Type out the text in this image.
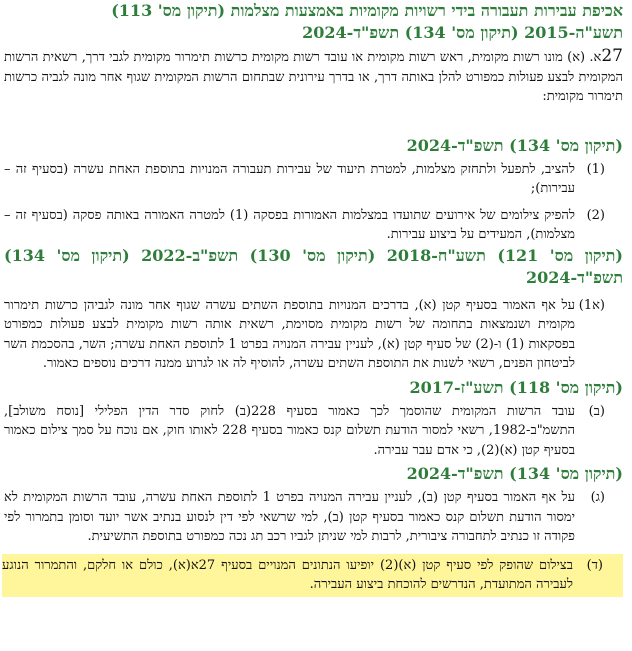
אכיפת עבירות תעבורה בידי רשויות מקומיות באמצעות מצלמות (תיקון מס' 113)

תשע"ה-2015 (תיקון מס' 134) תשפ"ד-2024

27א. (א) מונו רשות מקומית, ראש רשות מקומית או עובד רשות מקומית כרשות תימרור מקומית לגבי דרך, רשאית הרשות המקומית לבצע פעולות כמפורט להלן באותה דרך, או בדרך עירונית שבתחום הרשות המקומית שגוף אחר מונה לגביה כרשות תימרור מקומית:

(תיקון מס' 134) תשפ"ד-2024

(1)
להציב, לתפעל ולתחזק מצלמות, למטרת תיעוד של עבירות תעבורה המנויות בתוספת האחת עשרה (בסעיף זה – עבירות);
(2)
להפיק צילומים של אירועים שתועדו במצלמות האמורות בפסקה (1) למטרה האמורה באותה פסקה (בסעיף זה – מצלמות), המעידים על ביצוע עבירות.

(תיקון מס' 121) תשע"ח-2018 (תיקון מס' 130) תשפ"ב-2022 (תיקון מס' 134) תשפ"ד-2024

(א1)
על אף האמור בסעיף קטן (א), בדרכים המנויות בתוספת השתים עשרה שגוף אחר מונה לגביהן כרשות תימרור מקומית ושנמצאות בתחומה של רשות מקומית מסוימת, רשאית אותה רשות מקומית לבצע פעולות כמפורט בפסקאות (1) ו-(2) של סעיף קטן (א), לעניין עבירה המנויה בפרט 1 לתוספת האחת עשרה; השר, בהסכמת השר לביטחון הפנים, רשאי לשנות את התוספת השתים עשרה, להוסיף לה או לגרוע ממנה דרכים נוספים כאמור.

(תיקון מס' 118) תשע"ז-2017

(ב)
עובד הרשות המקומית שהוסמך לכך כאמור בסעיף 228(ב) לחוק סדר הדין הפלילי [נוסח משולב], התשמ"ב-1982, רשאי למסור הודעת תשלום קנס כאמור בסעיף 228 לאותו חוק, אם נוכח על סמך צילום כאמור בסעיף קטן (א)(2), כי אדם עבר עבירה.

(תיקון מס' 134) תשפ"ד-2024

(ג)
על אף האמור בסעיף קטן (ב), לעניין עבירה המנויה בפרט 1 לתוספת האחת עשרה, עובד הרשות המקומית לא ימסור הודעת תשלום קנס כאמור בסעיף קטן (ב), למי שרשאי לפי דין לנסוע בנתיב אשר יועד וסומן בתמרור לפי פקודה זו כנתיב לתחבורה ציבורית, לרבות למי שניתן לגביו רכב תג נכה כמפורט בתוספת התשיעית.
(ד)
בצילום שהופק לפי סעיף קטן (א)(2) יופיעו הנתונים המנויים בסעיף 27א(א), כולם או חלקם, והתמרור הנוגע לעבירה המתועדת, הנדרשים להוכחת ביצוע העבירה.
